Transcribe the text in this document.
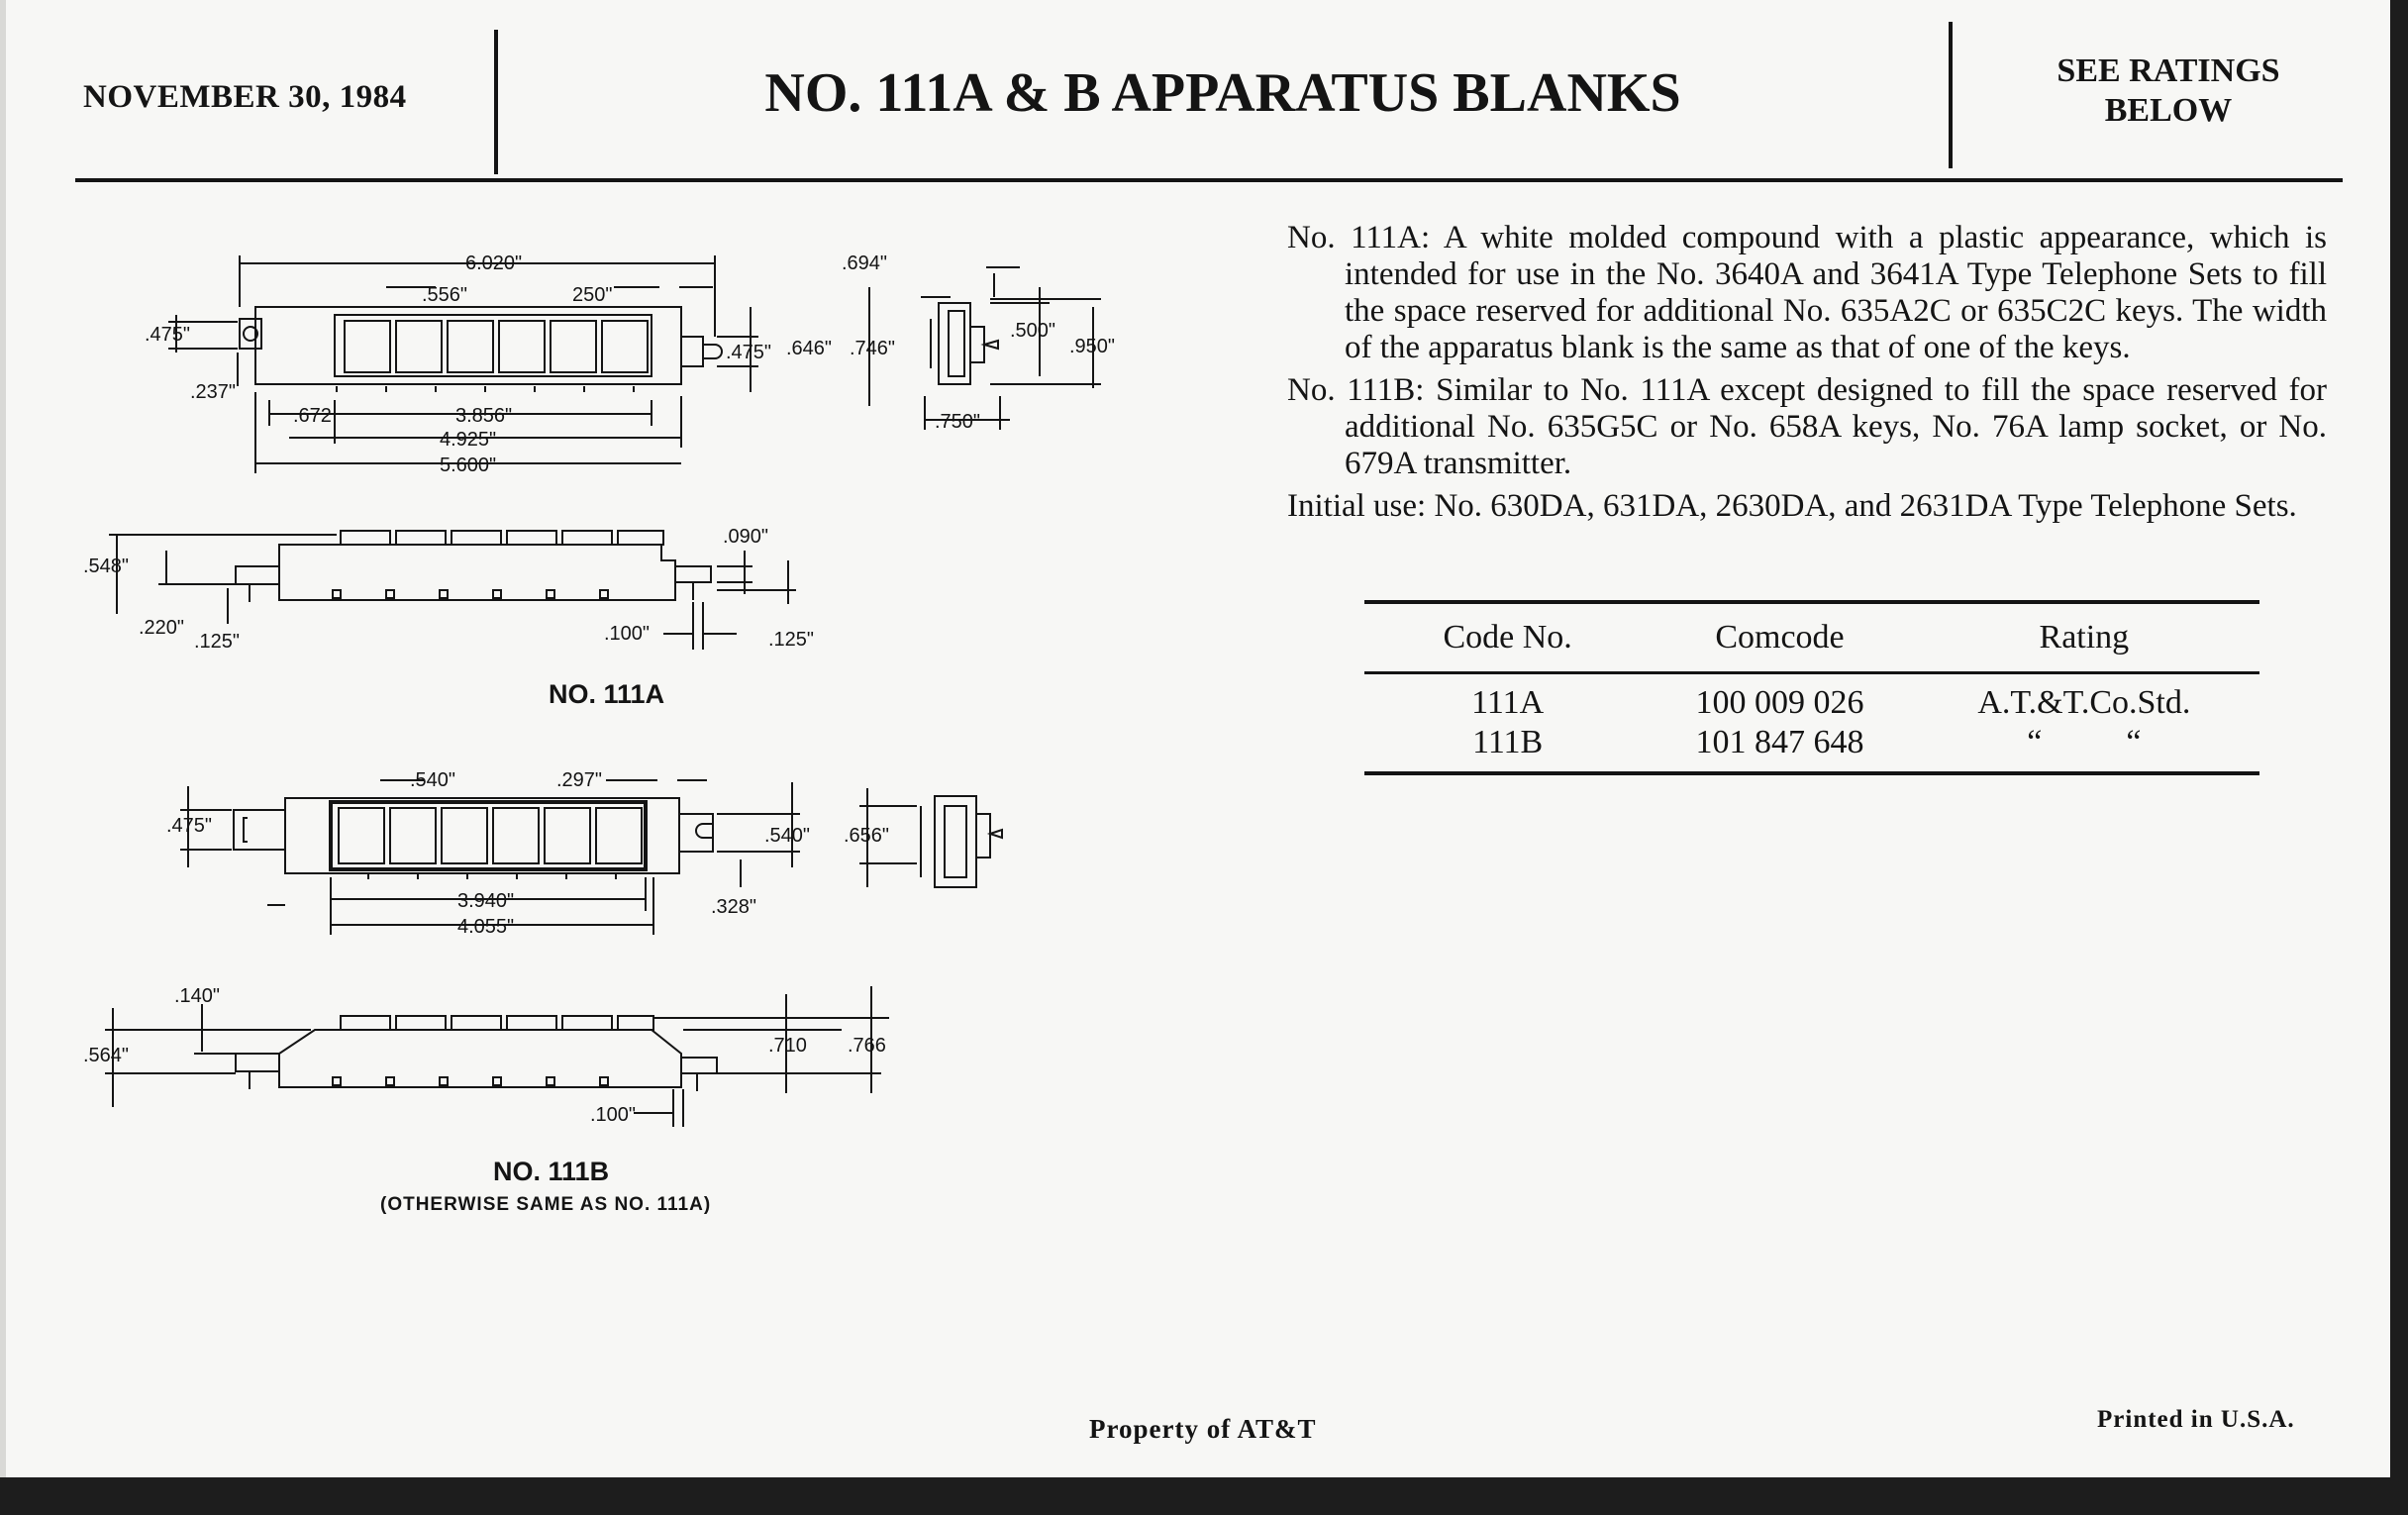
NOVEMBER 30, 1984	NO. 111A & B APPARATUS BLANKS	SEE RATINGS
BELOW

No. 111A: A white molded compound with a plastic appearance, which is intended for use in the No. 3640A and 3641A Type Telephone Sets to fill the space reserved for additional No. 635A2C or 635C2C keys. The width of the apparatus blank is the same as that of one of the keys.

No. 111B: Similar to No. 111A except designed to fill the space reserved for additional No. 635G5C or No. 658A keys, No. 76A lamp socket, or No. 679A transmitter.

Initial use: No. 630DA, 631DA, 2630DA, and 2631DA Type Telephone Sets.

Code No.	Comcode	Rating
111A	100 009 026	A.T.&T.Co.Std.
111B	101 847 648	“          “
6.020"
.556"	250"
.475"
.237"
.475"
.672	3.856"
4.925"
5.600"
.694"
.646" .746"
.500"
.950"
.750"
.548"
.090"
.220"
.125"	.100"	.125"
NO. 111A
.540"	.297"
.475"	.540"
3.940"
4.055"
.328"
.656"
.140"
.564"	.710 .766
.100"
NO. 111B
(OTHERWISE SAME AS NO. 111A)
Property of AT&T	Printed in U.S.A.
